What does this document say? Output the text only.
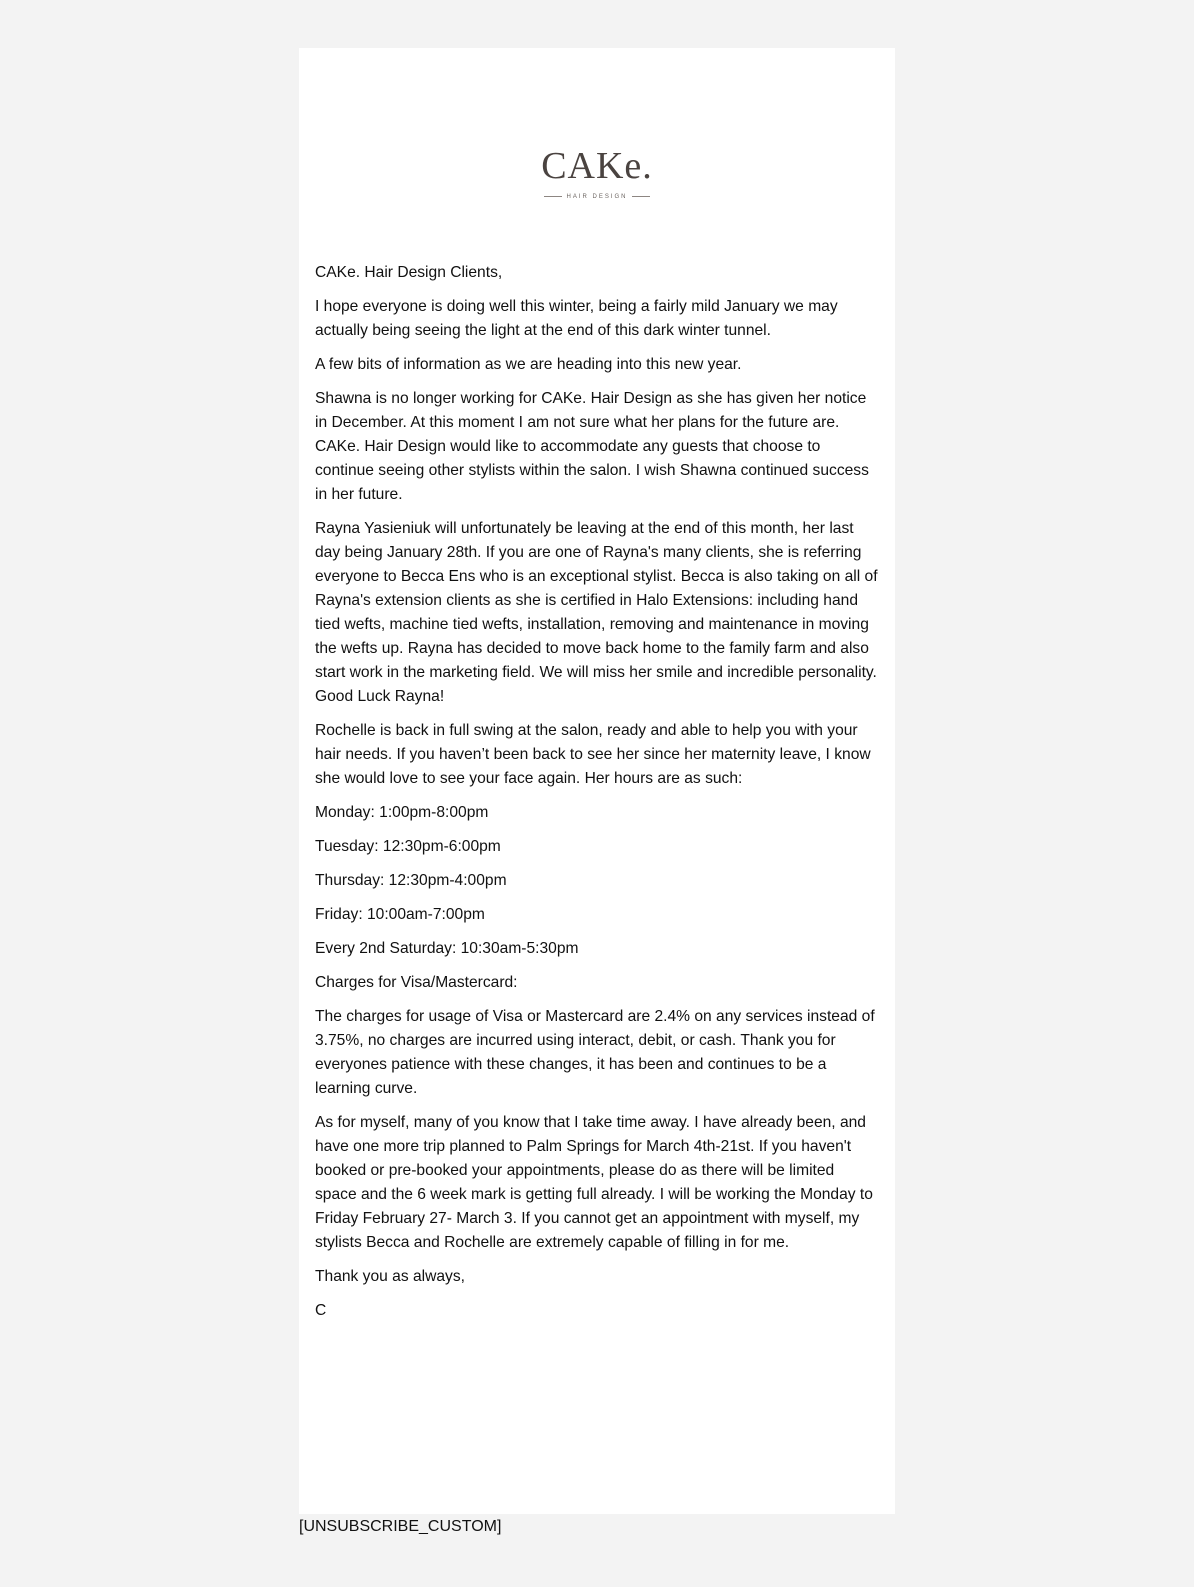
CAKe.
HAIR DESIGN

CAKe. Hair Design Clients,

I hope everyone is doing well this winter, being a fairly mild January we may actually being seeing the light at the end of this dark winter tunnel.

A few bits of information as we are heading into this new year.

Shawna is no longer working for CAKe. Hair Design as she has given her notice in December. At this moment I am not sure what her plans for the future are. CAKe. Hair Design would like to accommodate any guests that choose to continue seeing other stylists within the salon. I wish Shawna continued success in her future.

Rayna Yasieniuk will unfortunately be leaving at the end of this month, her last day being January 28th. If you are one of Rayna's many clients, she is referring everyone to Becca Ens who is an exceptional stylist. Becca is also taking on all of Rayna's extension clients as she is certified in Halo Extensions: including hand tied wefts, machine tied wefts, installation, removing and maintenance in moving the wefts up. Rayna has decided to move back home to the family farm and also start work in the marketing field. We will miss her smile and incredible personality. Good Luck Rayna!

Rochelle is back in full swing at the salon, ready and able to help you with your hair needs. If you haven’t been back to see her since her maternity leave, I know she would love to see your face again. Her hours are as such:

Monday: 1:00pm-8:00pm

Tuesday: 12:30pm-6:00pm

Thursday: 12:30pm-4:00pm

Friday: 10:00am-7:00pm

Every 2nd Saturday: 10:30am-5:30pm

Charges for Visa/Mastercard:

The charges for usage of Visa or Mastercard are 2.4% on any services instead of 3.75%, no charges are incurred using interact, debit, or cash. Thank you for everyones patience with these changes, it has been and continues to be a learning curve.

As for myself, many of you know that I take time away. I have already been, and have one more trip planned to Palm Springs for March 4th-21st. If you haven't booked or pre-booked your appointments, please do as there will be limited space and the 6 week mark is getting full already. I will be working the Monday to Friday February 27- March 3. If you cannot get an appointment with myself, my stylists Becca and Rochelle are extremely capable of filling in for me.

Thank you as always,

C

[UNSUBSCRIBE_CUSTOM]
